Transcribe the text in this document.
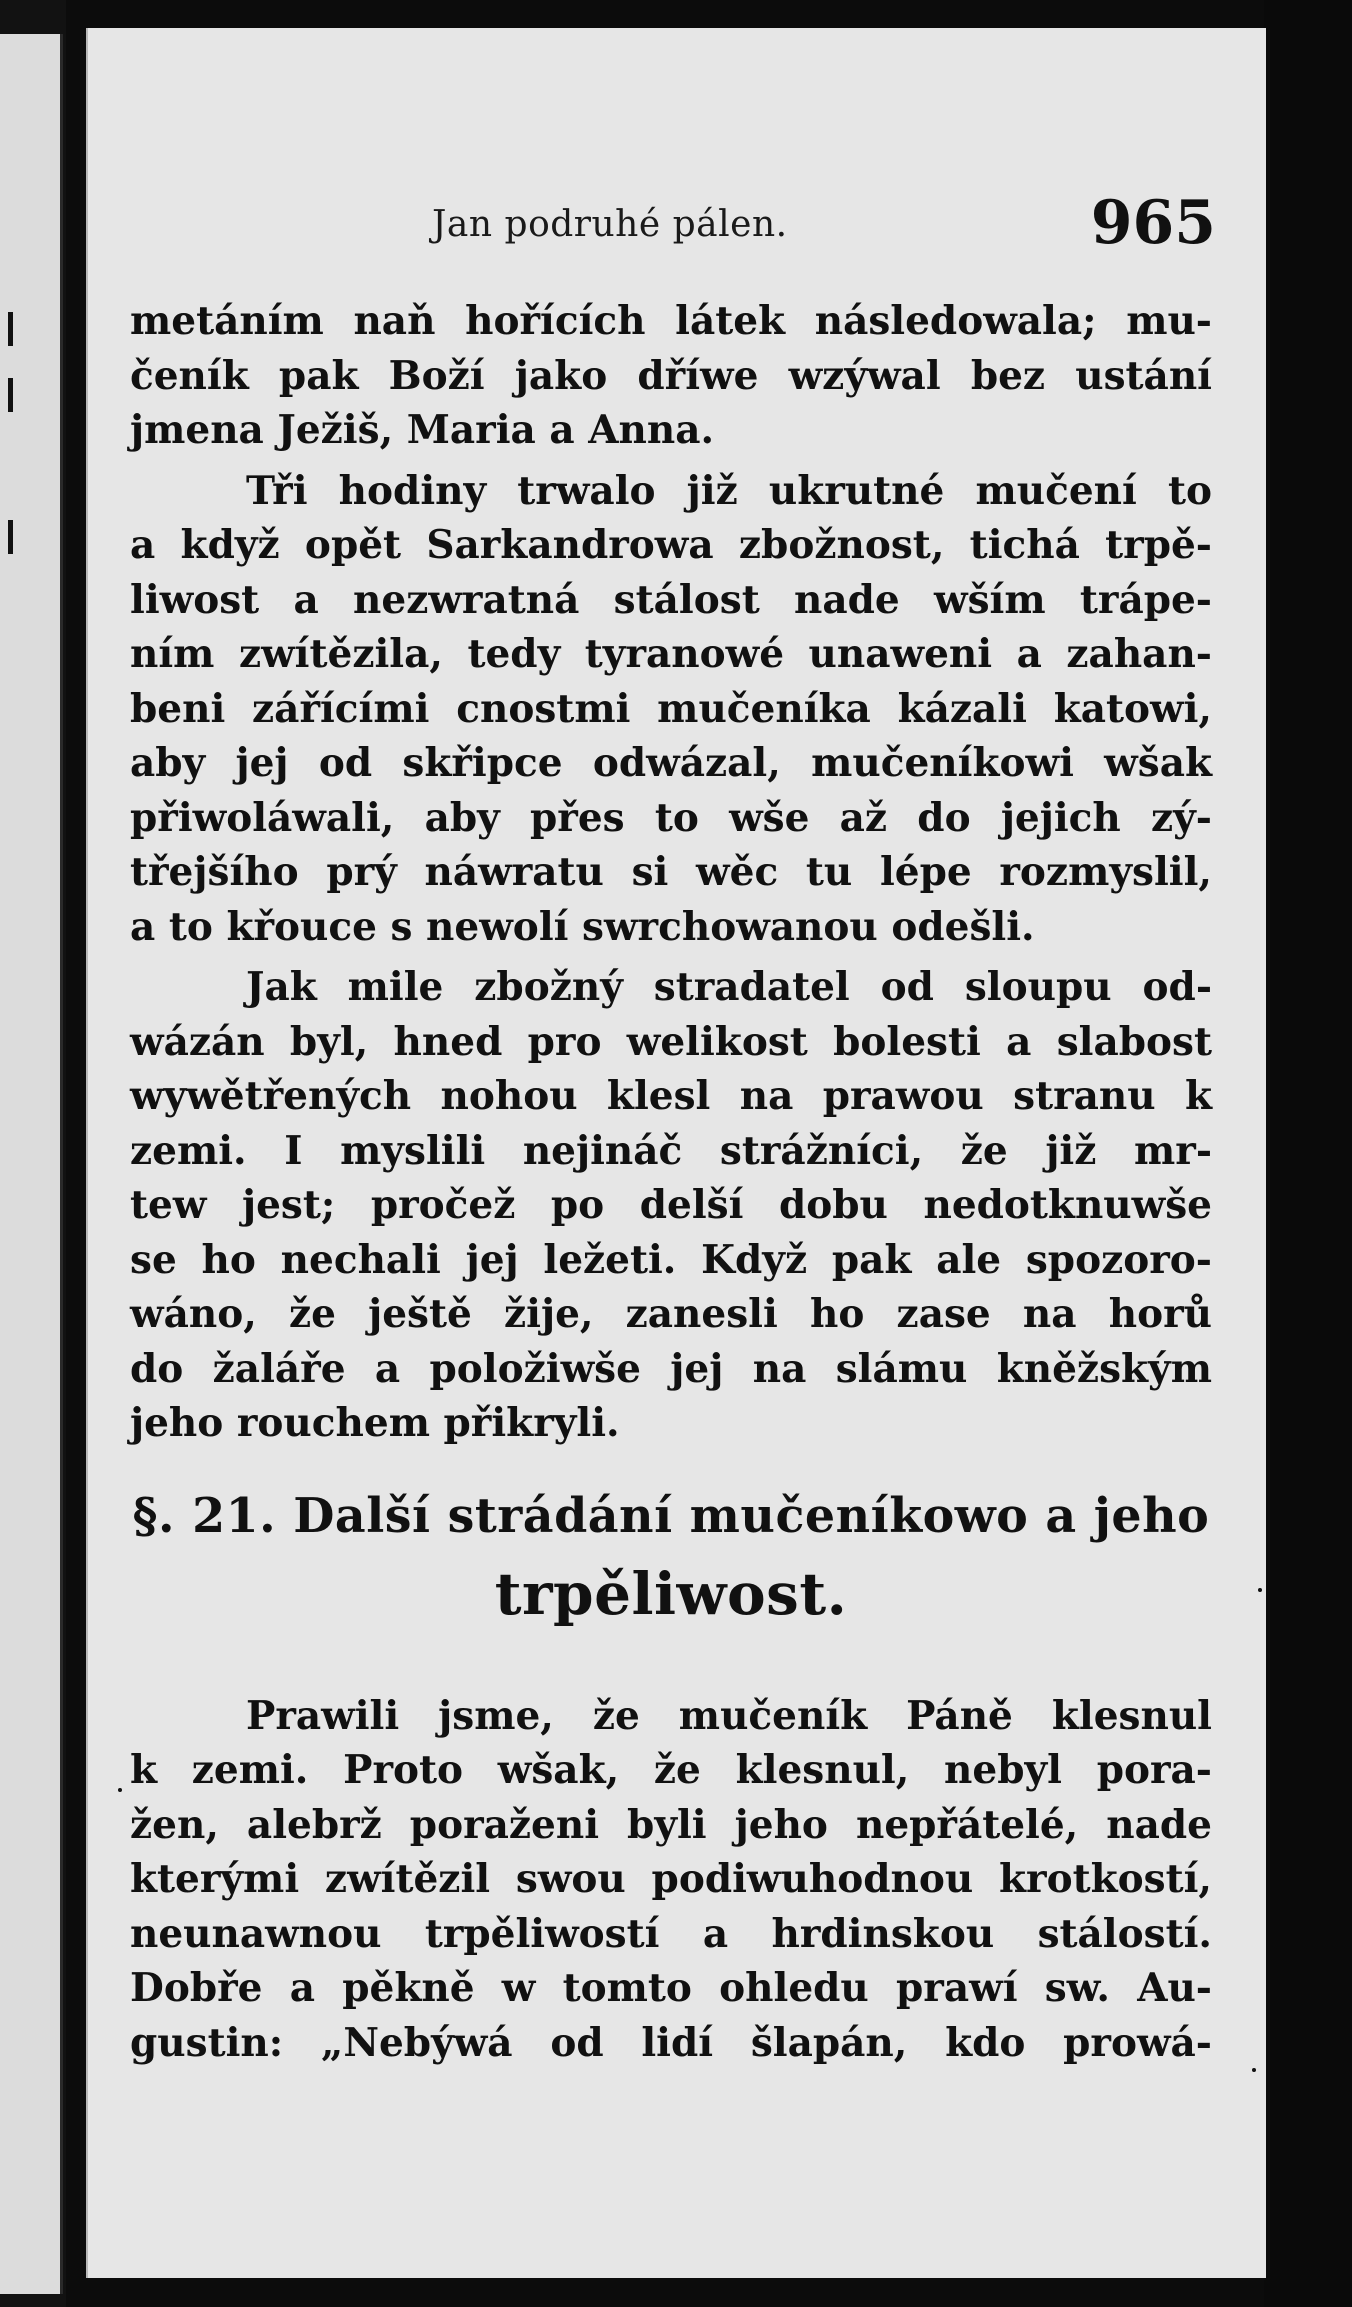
Jan podruhé pálen.	965
metáním naň hořících látek následowala; mu-
čeník pak Boží jako dříwe wzýwal bez ustání
jmena Ježiš, Maria a Anna.
Tři hodiny trwalo již ukrutné mučení to
a když opět Sarkandrowa zbožnost, tichá trpě-
liwost a nezwratná stálost nade wším trápe-
ním zwítězila, tedy tyranowé unaweni a zahan-
beni zářícími cnostmi mučeníka kázali katowi,
aby jej od skřipce odwázal, mučeníkowi wšak
přiwoláwali, aby přes to wše až do jejich zý-
třejšího prý náwratu si wěc tu lépe rozmyslil,
a to křouce s newolí swrchowanou odešli.
Jak mile zbožný stradatel od sloupu od-
wázán byl, hned pro welikost bolesti a slabost
wywětřených nohou klesl na prawou stranu k
zemi. I myslili nejináč strážníci, že již mr-
tew jest; pročež po delší dobu nedotknuwše
se ho nechali jej ležeti. Když pak ale spozoro-
wáno, že ještě žije, zanesli ho zase na horů
do žaláře a položiwše jej na slámu kněžským
jeho rouchem přikryli.
§. 21. Další strádání mučeníkowo a jeho
trpěliwost.
Prawili jsme, že mučeník Páně klesnul
k zemi. Proto wšak, že klesnul, nebyl pora-
žen, alebrž poraženi byli jeho nepřátelé, nade
kterými zwítězil swou podiwuhodnou krotkostí,
neunawnou trpěliwostí a hrdinskou stálostí.
Dobře a pěkně w tomto ohledu prawí sw. Au-
gustin: „Nebýwá od lidí šlapán, kdo prowá-
